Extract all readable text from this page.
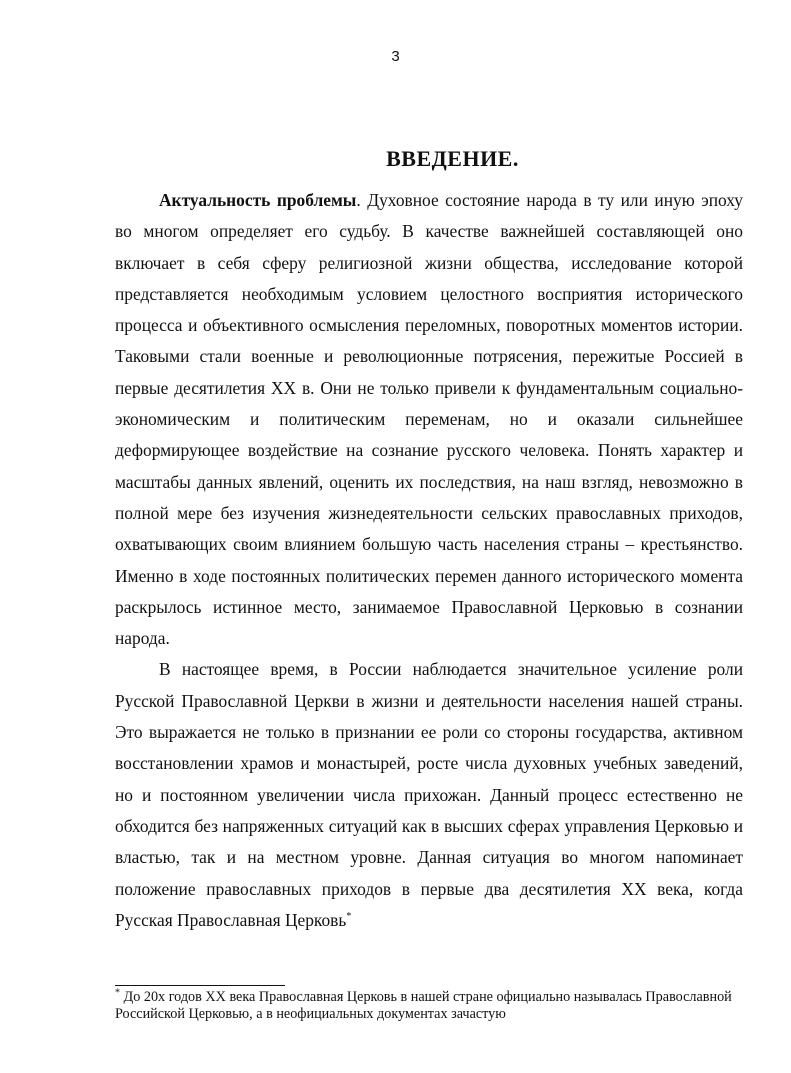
3
ВВЕДЕНИЕ.

Актуальность проблемы. Духовное состояние народа в ту или иную эпоху во многом определяет его судьбу. В качестве важнейшей составляющей оно включает в себя сферу религиозной жизни общества, исследование которой представляется необходимым условием целостного восприятия исторического процесса и объективного осмысления переломных, поворотных моментов истории. Таковыми стали военные и революционные потрясения, пережитые Россией в первые десятилетия XX в. Они не только привели к фундаментальным социально-экономическим и политическим переменам, но и оказали сильнейшее деформирующее воздействие на сознание русского человека. Понять характер и масштабы данных явлений, оценить их последствия, на наш взгляд, невозможно в полной мере без изучения жизнедеятельности сельских православных приходов, охватывающих своим влиянием большую часть населения страны – крестьянство. Именно в ходе постоянных политических перемен данного исторического момента раскрылось истинное место, занимаемое Православной Церковью в сознании народа.

В настоящее время, в России наблюдается значительное усиление роли Русской Православной Церкви в жизни и деятельности населения нашей страны. Это выражается не только в признании ее роли со стороны государства, активном восстановлении храмов и монастырей, росте числа духовных учебных заведений, но и постоянном увеличении числа прихожан. Данный процесс естественно не обходится без напряженных ситуаций как в высших сферах управления Церковью и властью, так и на местном уровне. Данная ситуация во многом напоминает положение православных приходов в первые два десятилетия XX века, когда Русская Православная Церковь*

* До 20х годов XX века Православная Церковь в нашей стране официально называлась Православной Российской Церковью, а в неофициальных документах зачастую
